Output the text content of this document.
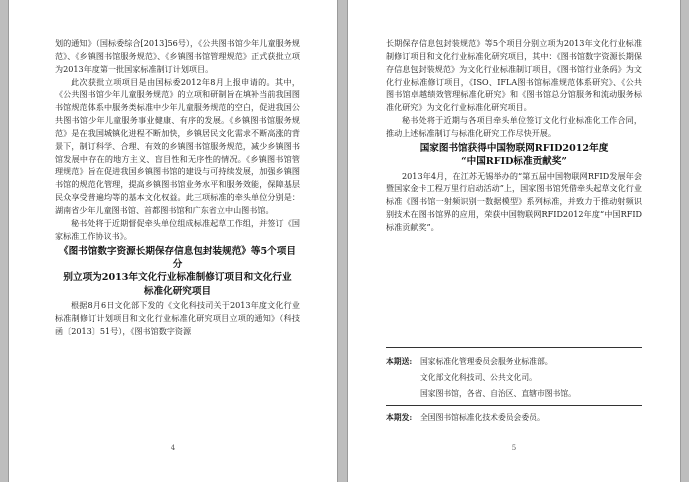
划的通知》（国标委综合[2013]56号），《公共图书馆少年儿童服务规范》、《乡镇图书馆服务规范》、《乡镇图书馆管理规范》正式获批立项为2013年度第一批国家标准制订计划项目。

此次获批立项项目是由国标委2012年8月上报申请的。其中，《公共图书馆少年儿童服务规范》的立项和研制旨在填补当前我国图书馆规范体系中服务类标准中少年儿童服务规范的空白，促进我国公共图书馆少年儿童服务事业健康、有序的发展。《乡镇图书馆服务规范》是在我国城镇化进程不断加快，乡镇居民文化需求不断高涨的背景下，制订科学、合理、有效的乡镇图书馆服务规范，减少乡镇图书馆发展中存在的地方主义、盲目性和无序性的情况。《乡镇图书馆管理规范》旨在促进我国乡镇图书馆的建设与可持续发展，加强乡镇图书馆的规范化管理，提高乡镇图书馆业务水平和服务效能，保障基层民众享受普遍均等的基本文化权益。此三项标准的牵头单位分别是：湖南省少年儿童图书馆、首都图书馆和广东省立中山图书馆。

秘书处将于近期督促牵头单位组成标准起草工作组，并签订《国家标准工作协议书》。

《图书馆数字资源长期保存信息包封装规范》等5个项目分
别立项为2013年文化行业标准制修订项目和文化行业
标准化研究项目

根据8月6日文化部下发的《文化科技司关于2013年度文化行业标准制修订计划项目和文化行业标准化研究项目立项的通知》（科技函〔2013〕51号），《图书馆数字资源

4

长期保存信息包封装规范》等5个项目分别立项为2013年文化行业标准制修订项目和文化行业标准化研究项目，其中：《图书馆数字资源长期保存信息包封装规范》为文化行业标准制订项目，《图书馆行业条码》为文化行业标准修订项目，《ISO、IFLA图书馆标准规范体系研究》、《公共图书馆卓越绩效管理标准化研究》和《图书馆总分馆服务和流动服务标准化研究》为文化行业标准化研究项目。

秘书处将于近期与各项目牵头单位签订文化行业标准化工作合同，推动上述标准制订与标准化研究工作尽快开展。

国家图书馆获得中国物联网RFID2012年度
“中国RFID标准贡献奖”

2013年4月，在江苏无锡举办的“第五届中国物联网RFID发展年会暨国家金卡工程万里行启动活动”上，国家图书馆凭借牵头起草文化行业标准《图书馆一射频识别一数据模型》系列标准，并致力于推动射频识别技术在图书馆界的应用，荣获中国物联网RFID2012年度“中国RFID标准贡献奖”。

本期送: 国家标准化管理委员会服务业标准部。
文化部文化科技司、公共文化司。
国家图书馆，各省、自治区、直辖市图书馆。
本期发: 全国图书馆标准化技术委员会委员。
5
